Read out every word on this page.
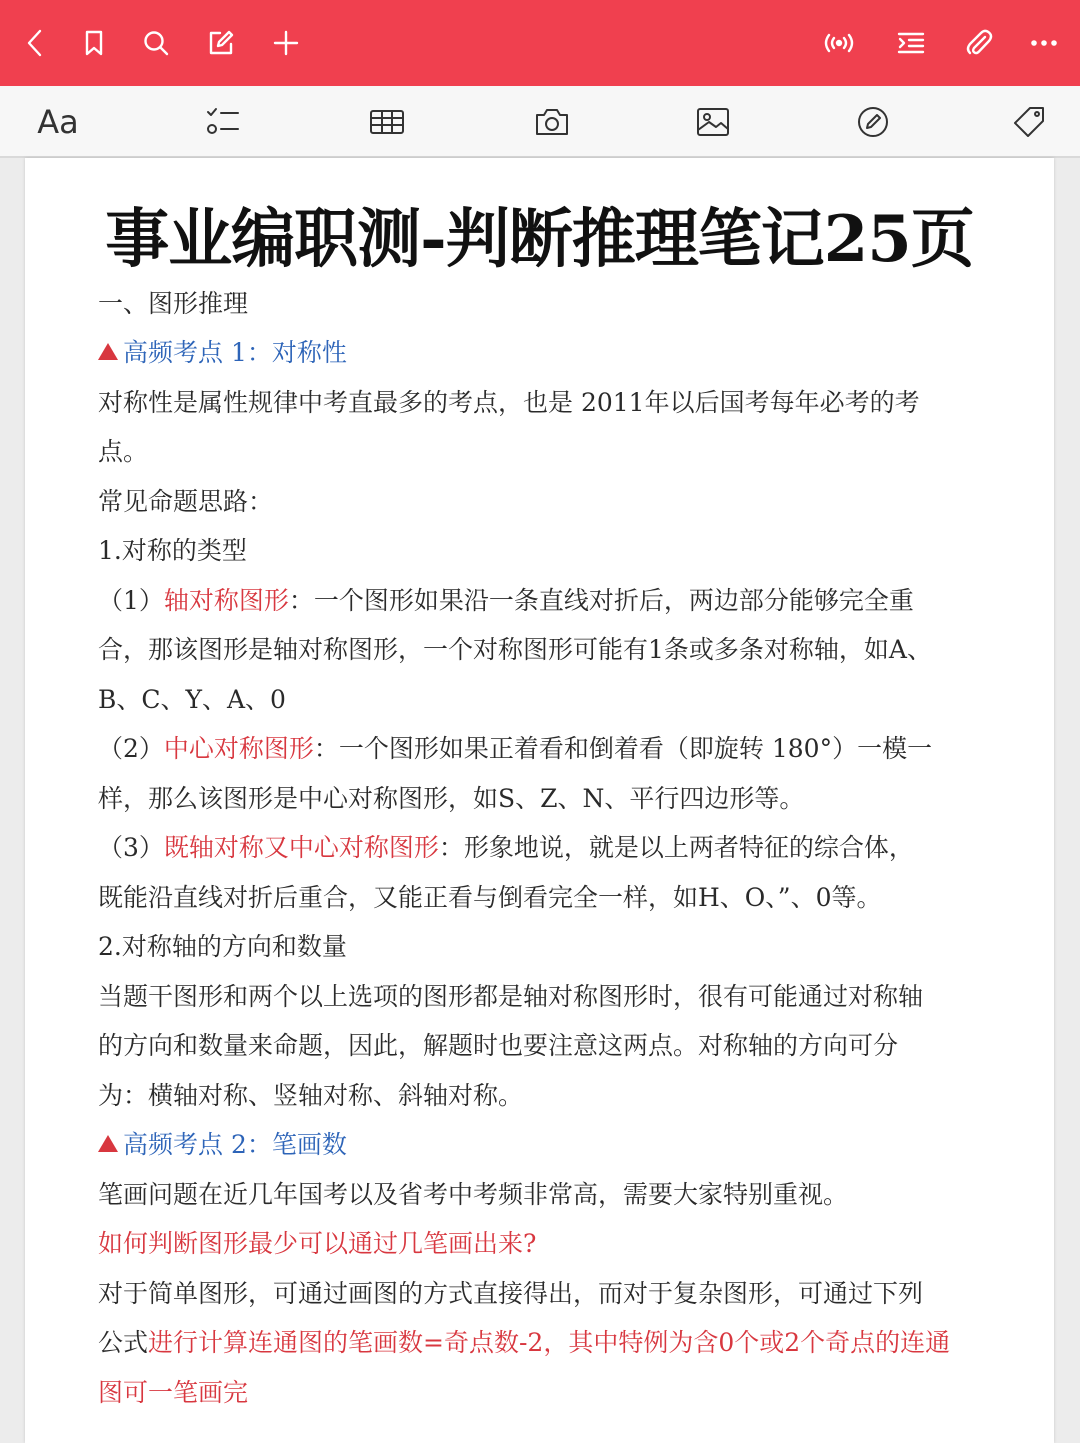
Aa
事业编职测-判断推理笔记25页
一、图形推理
高频考点 1：对称性
对称性是属性规律中考直最多的考点，也是 2011年以后国考每年必考的考
点。
常见命题思路：
1.对称的类型
（1）轴对称图形：一个图形如果沿一条直线对折后，两边部分能够完全重
合，那该图形是轴对称图形，一个对称图形可能有1条或多条对称轴，如A、
B、C、Y、A、0
（2）中心对称图形：一个图形如果正着看和倒着看（即旋转 180°）一模一
样，那么该图形是中心对称图形，如S、Z、N、平行四边形等。
（3）既轴对称又中心对称图形：形象地说，就是以上两者特征的综合体，
既能沿直线对折后重合，又能正看与倒看完全一样，如H、O、”、0等。
2.对称轴的方向和数量
当题干图形和两个以上选项的图形都是轴对称图形时，很有可能通过对称轴
的方向和数量来命题，因此，解题时也要注意这两点。对称轴的方向可分
为：横轴对称、竖轴对称、斜轴对称。
高频考点 2：笔画数
笔画问题在近几年国考以及省考中考频非常高，需要大家特别重视。
如何判断图形最少可以通过几笔画出来?
对于简单图形，可通过画图的方式直接得出，而对于复杂图形，可通过下列
公式进行计算连通图的笔画数=奇点数-2，其中特例为含0个或2个奇点的连通
图可一笔画完
